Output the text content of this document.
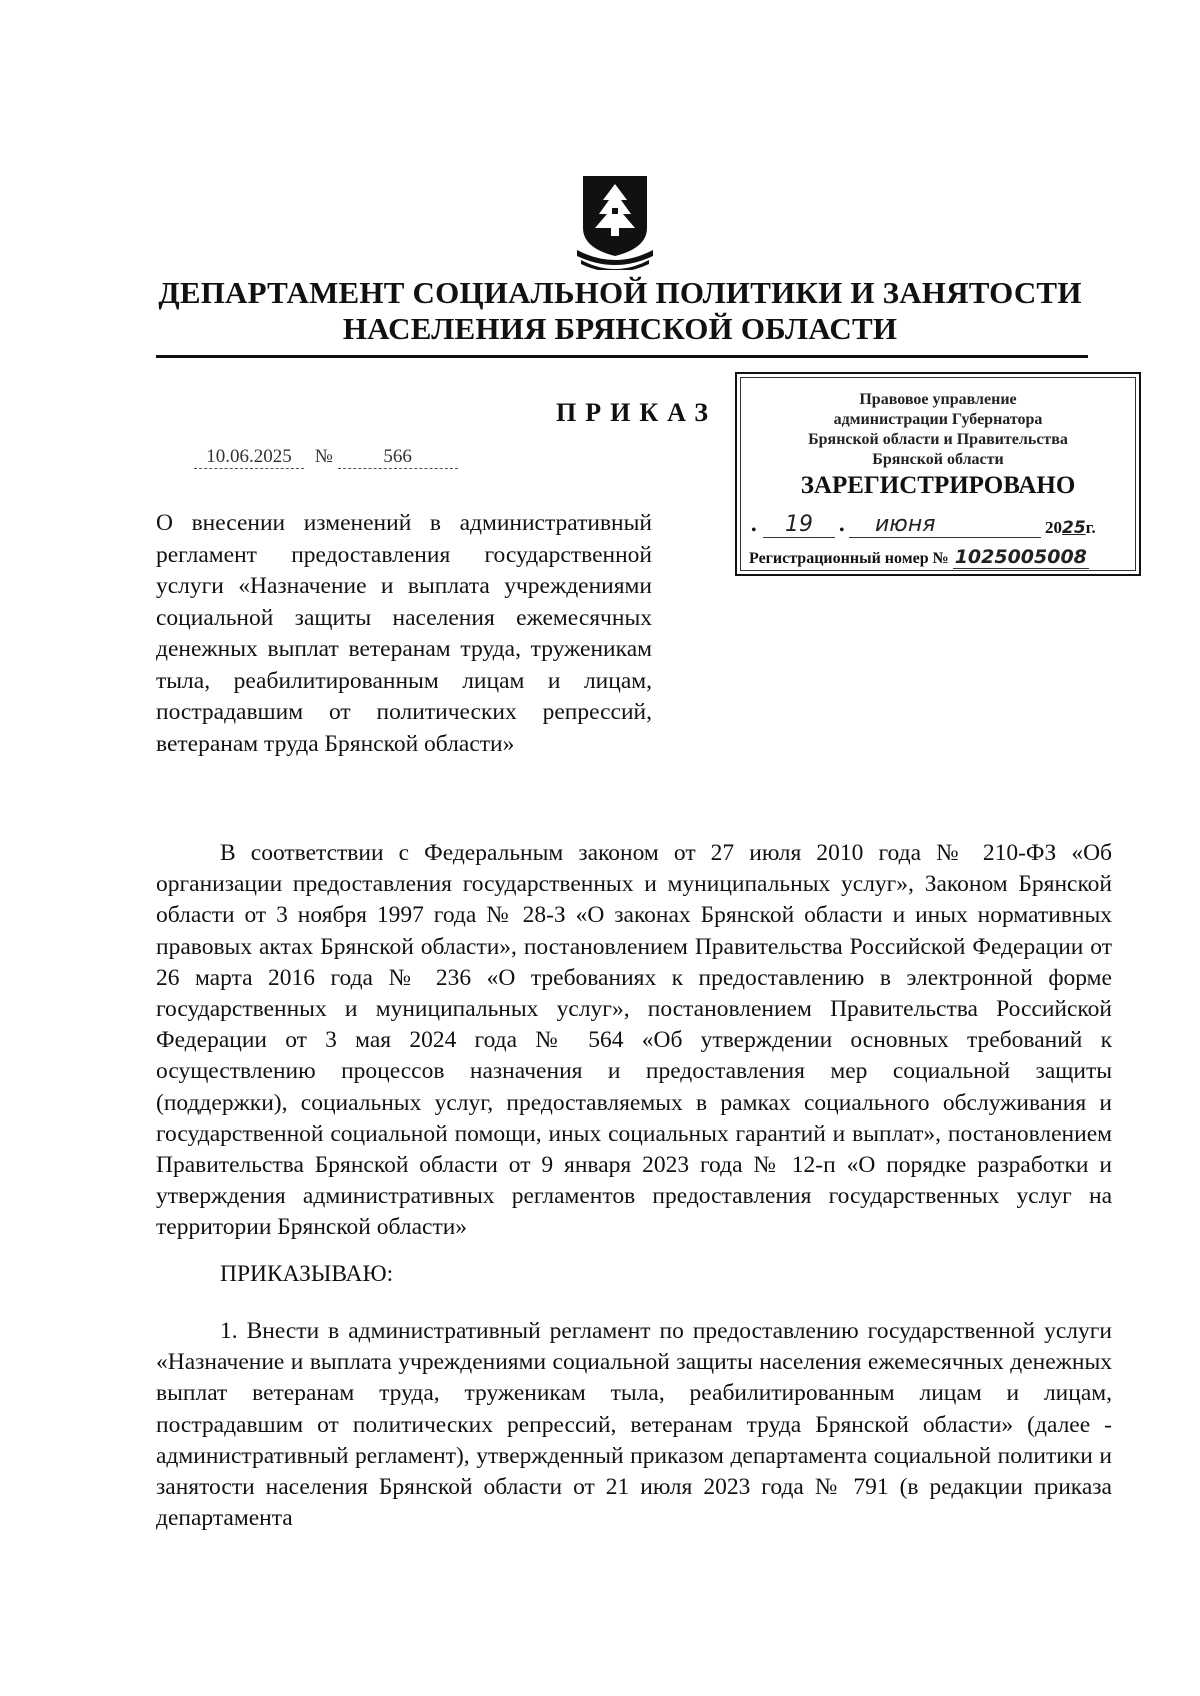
ДЕПАРТАМЕНТ СОЦИАЛЬНОЙ ПОЛИТИКИ И ЗАНЯТОСТИ
НАСЕЛЕНИЯ БРЯНСКОЙ ОБЛАСТИ
ПРИКАЗ
10.06.2025 №	566
Правовое управление
администрации Губернатора
Брянской области и Правительства
Брянской области
ЗАРЕГИСТРИРОВАНО
•	19	•	июня	2025г.
Регистрационный номер № 1025005008
О внесении изменений в административный регламент предоставления государственной услуги «Назначение и выплата учреждениями социальной защиты населения ежемесячных денежных выплат ветеранам труда, труженикам тыла, реабилитированным лицам и лицам, пострадавшим от политических репрессий, ветеранам труда Брянской области»
В соответствии с Федеральным законом от 27 июля 2010 года № 210-ФЗ «Об организации предоставления государственных и муниципальных услуг», Законом Брянской области от 3 ноября 1997 года № 28-З «О законах Брянской области и иных нормативных правовых актах Брянской области», постановлением Правительства Российской Федерации от 26 марта 2016 года № 236 «О требованиях к предоставлению в электронной форме государственных и муниципальных услуг», постановлением Правительства Российской Федерации от 3 мая 2024 года № 564 «Об утверждении основных требований к осуществлению процессов назначения и предоставления мер социальной защиты (поддержки), социальных услуг, предоставляемых в рамках социального обслуживания и государственной социальной помощи, иных социальных гарантий и выплат», постановлением Правительства Брянской области от 9 января 2023 года № 12-п «О порядке разработки и утверждения административных регламентов предоставления государственных услуг на территории Брянской области»
ПРИКАЗЫВАЮ:
1. Внести в административный регламент по предоставлению государственной услуги «Назначение и выплата учреждениями социальной защиты населения ежемесячных денежных выплат ветеранам труда, труженикам тыла, реабилитированным лицам и лицам, пострадавшим от политических репрессий, ветеранам труда Брянской области» (далее - административный регламент), утвержденный приказом департамента социальной политики и занятости населения Брянской области от 21 июля 2023 года № 791 (в редакции приказа департамента
